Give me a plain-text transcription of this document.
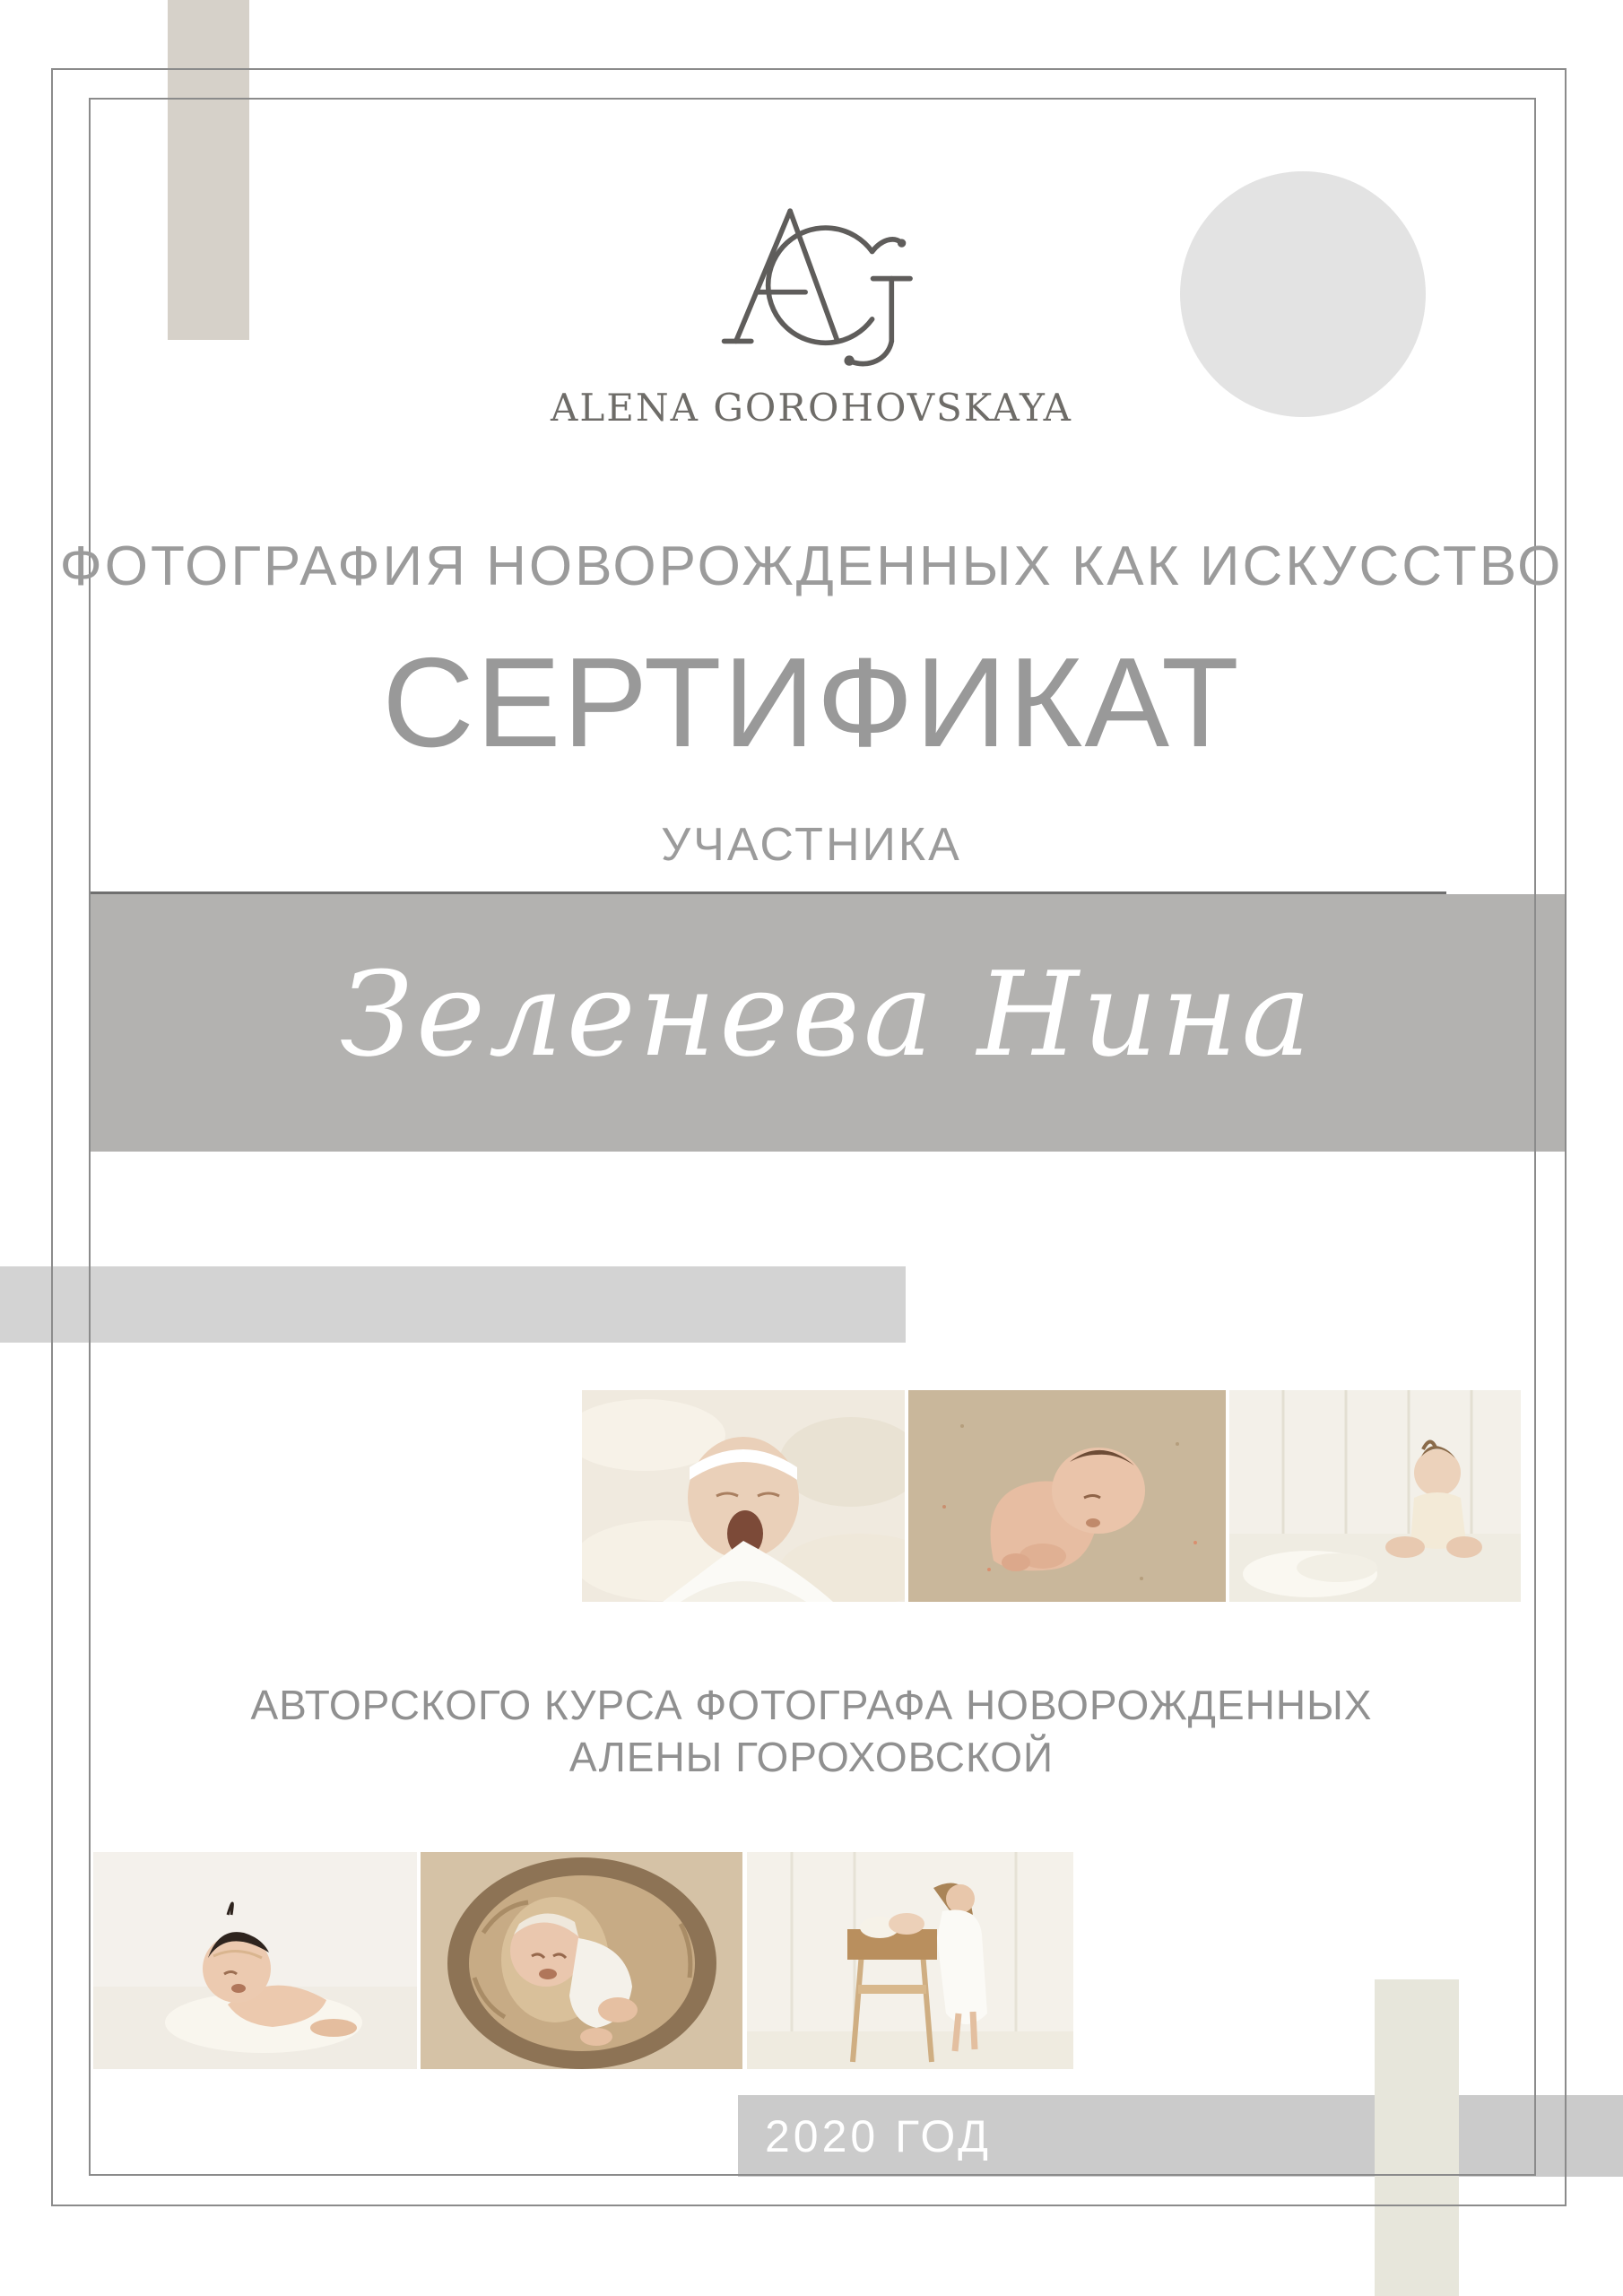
2020 ГОД
ALENA GOROHOVSKAYA
ФОТОГРАФИЯ НОВОРОЖДЕННЫХ КАК ИСКУССТВО
СЕРТИФИКАТ
УЧАСТНИКА
Зеленева Нина
АВТОРСКОГО КУРСА ФОТОГРАФА НОВОРОЖДЕННЫХ
АЛЕНЫ ГОРОХОВСКОЙ
